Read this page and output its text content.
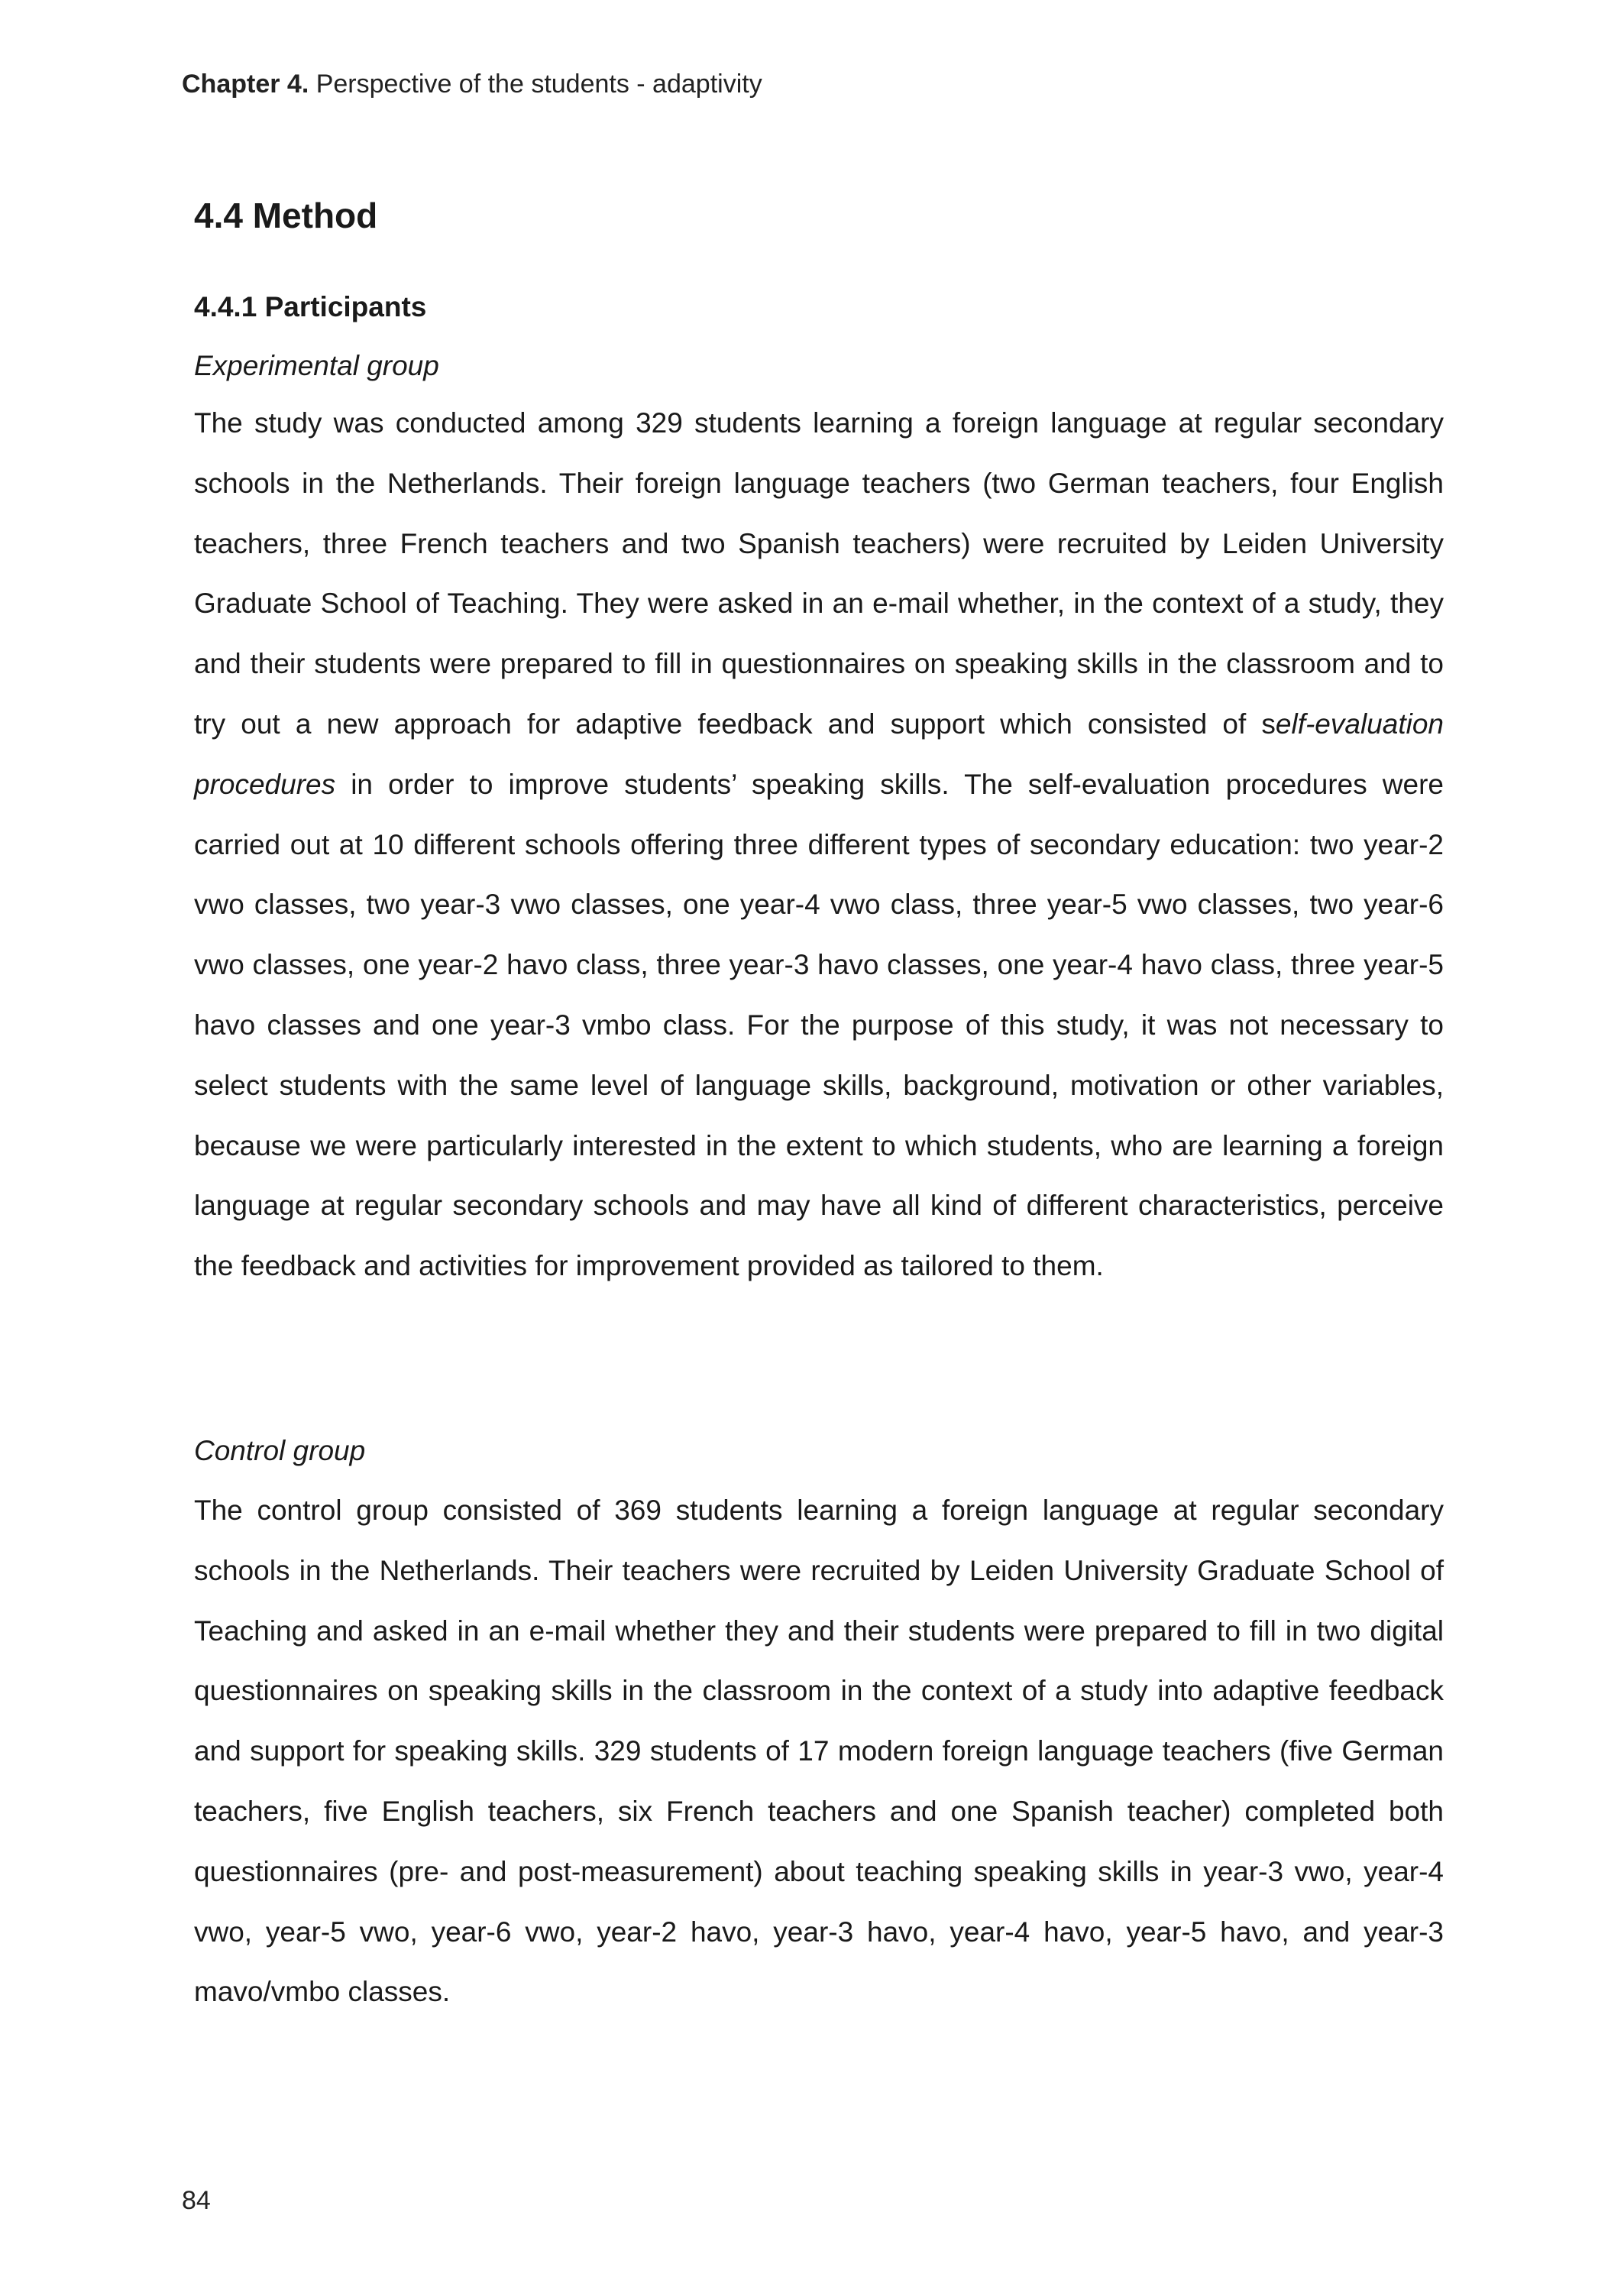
Chapter 4. Perspective of the students - adaptivity
4.4 Method
4.4.1 Participants
Experimental group

The study was conducted among 329 students learning a foreign language at regular secondary schools in the Netherlands. Their foreign language teachers (two German teachers, four English teachers, three French teachers and two Spanish teachers) were recruited by Leiden University Graduate School of Teaching. They were asked in an e-mail whether, in the context of a study, they and their students were prepared to fill in questionnaires on speaking skills in the classroom and to try out a new approach for adaptive feedback and support which consisted of self-evaluation procedures in order to improve students’ speaking skills. The self-evaluation procedures were carried out at 10 different schools offering three different types of secondary education: two year-2 vwo classes, two year-3 vwo classes, one year-4 vwo class, three year-5 vwo classes, two year-6 vwo classes, one year-2 havo class, three year-3 havo classes, one year-4 havo class, three year-5 havo classes and one year-3 vmbo class. For the purpose of this study, it was not necessary to select students with the same level of language skills, background, motivation or other variables, because we were particularly interested in the extent to which students, who are learning a foreign language at regular secondary schools and may have all kind of different characteristics, perceive the feedback and activities for improvement provided as tailored to them.

Control group

The control group consisted of 369 students learning a foreign language at regular secondary schools in the Netherlands. Their teachers were recruited by Leiden University Graduate School of Teaching and asked in an e-mail whether they and their students were prepared to fill in two digital questionnaires on speaking skills in the classroom in the context of a study into adaptive feedback and support for speaking skills. 329 students of 17 modern foreign language teachers (five German teachers, five English teachers, six French teachers and one Spanish teacher) completed both questionnaires (pre- and post-measurement) about teaching speaking skills in year-3 vwo, year-4 vwo, year-5 vwo, year-6 vwo, year-2 havo, year-3 havo, year-4 havo, year-5 havo, and year-3 mavo/vmbo classes.

84
